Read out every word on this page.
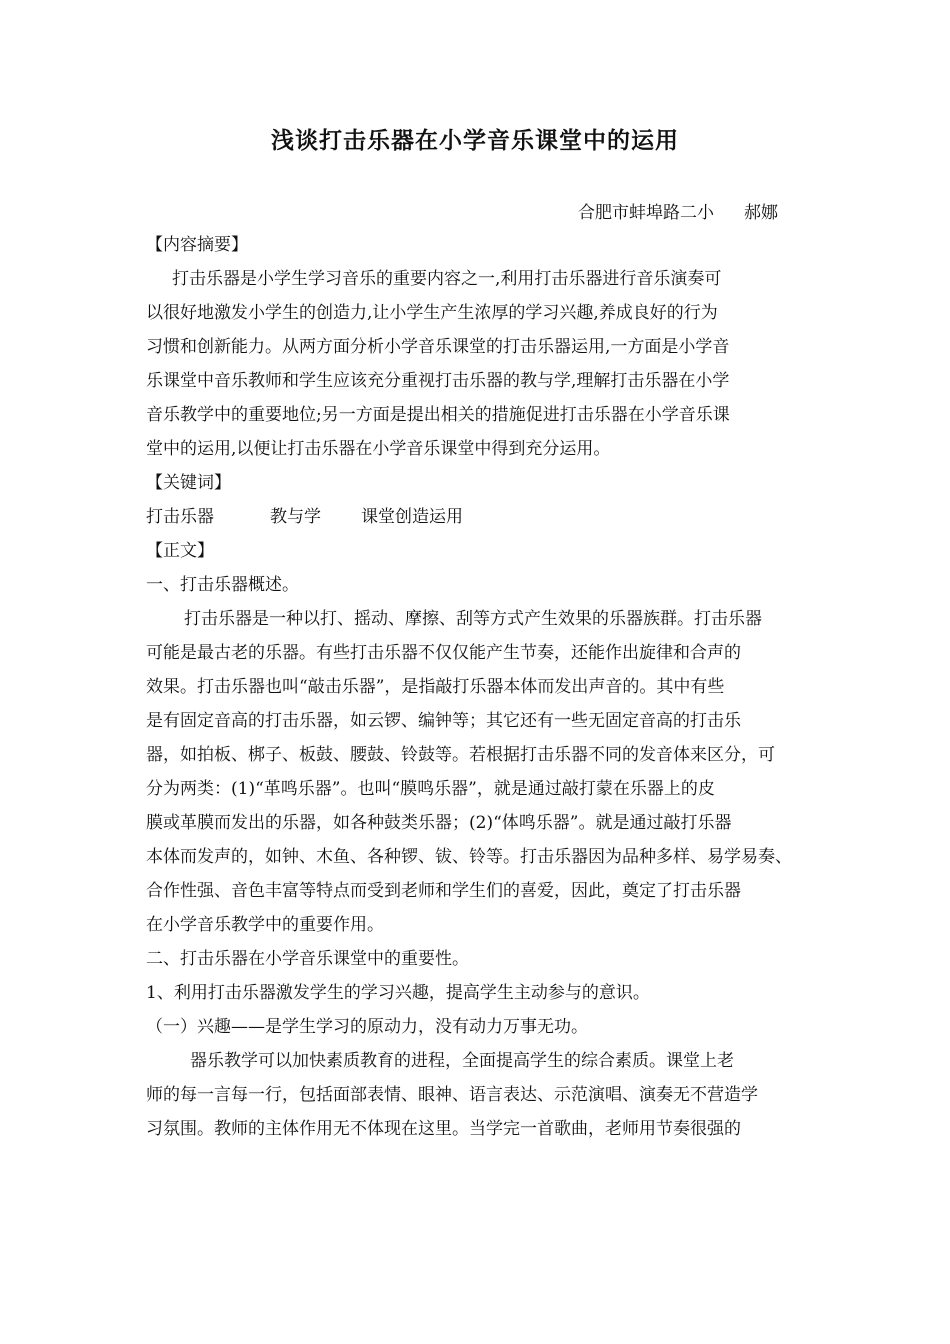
浅谈打击乐器在小学音乐课堂中的运用
合肥市蚌埠路二小 郝娜
【内容摘要】
打击乐器是小学生学习音乐的重要内容之一,利用打击乐器进行音乐演奏可
以很好地激发小学生的创造力,让小学生产生浓厚的学习兴趣,养成良好的行为
习惯和创新能力。从两方面分析小学音乐课堂的打击乐器运用,一方面是小学音
乐课堂中音乐教师和学生应该充分重视打击乐器的教与学,理解打击乐器在小学
音乐教学中的重要地位;另一方面是提出相关的措施促进打击乐器在小学音乐课
堂中的运用,以便让打击乐器在小学音乐课堂中得到充分运用。
【关键词】
打击乐器	教与学 课堂创造运用
【正文】
一、打击乐器概述。
打击乐器是一种以打、摇动、摩擦、刮等方式产生效果的乐器族群。打击乐器
可能是最古老的乐器。有些打击乐器不仅仅能产生节奏，还能作出旋律和合声的
效果。打击乐器也叫“敲击乐器”，是指敲打乐器本体而发出声音的。其中有些
是有固定音高的打击乐器，如云锣、编钟等；其它还有一些无固定音高的打击乐
器，如拍板、梆子、板鼓、腰鼓、铃鼓等。若根据打击乐器不同的发音体来区分，可
分为两类：(1)“革鸣乐器”。也叫“膜鸣乐器”，就是通过敲打蒙在乐器上的皮
膜或革膜而发出的乐器，如各种鼓类乐器；(2)“体鸣乐器”。就是通过敲打乐器
本体而发声的，如钟、木鱼、各种锣、钹、铃等。打击乐器因为品种多样、易学易奏、
合作性强、音色丰富等特点而受到老师和学生们的喜爱，因此，奠定了打击乐器
在小学音乐教学中的重要作用。
二、打击乐器在小学音乐课堂中的重要性。
1、利用打击乐器激发学生的学习兴趣，提高学生主动参与的意识。
（一）兴趣——是学生学习的原动力，没有动力万事无功。
器乐教学可以加快素质教育的进程，全面提高学生的综合素质。课堂上老
师的每一言每一行，包括面部表情、眼神、语言表达、示范演唱、演奏无不营造学
习氛围。教师的主体作用无不体现在这里。当学完一首歌曲，老师用节奏很强的
